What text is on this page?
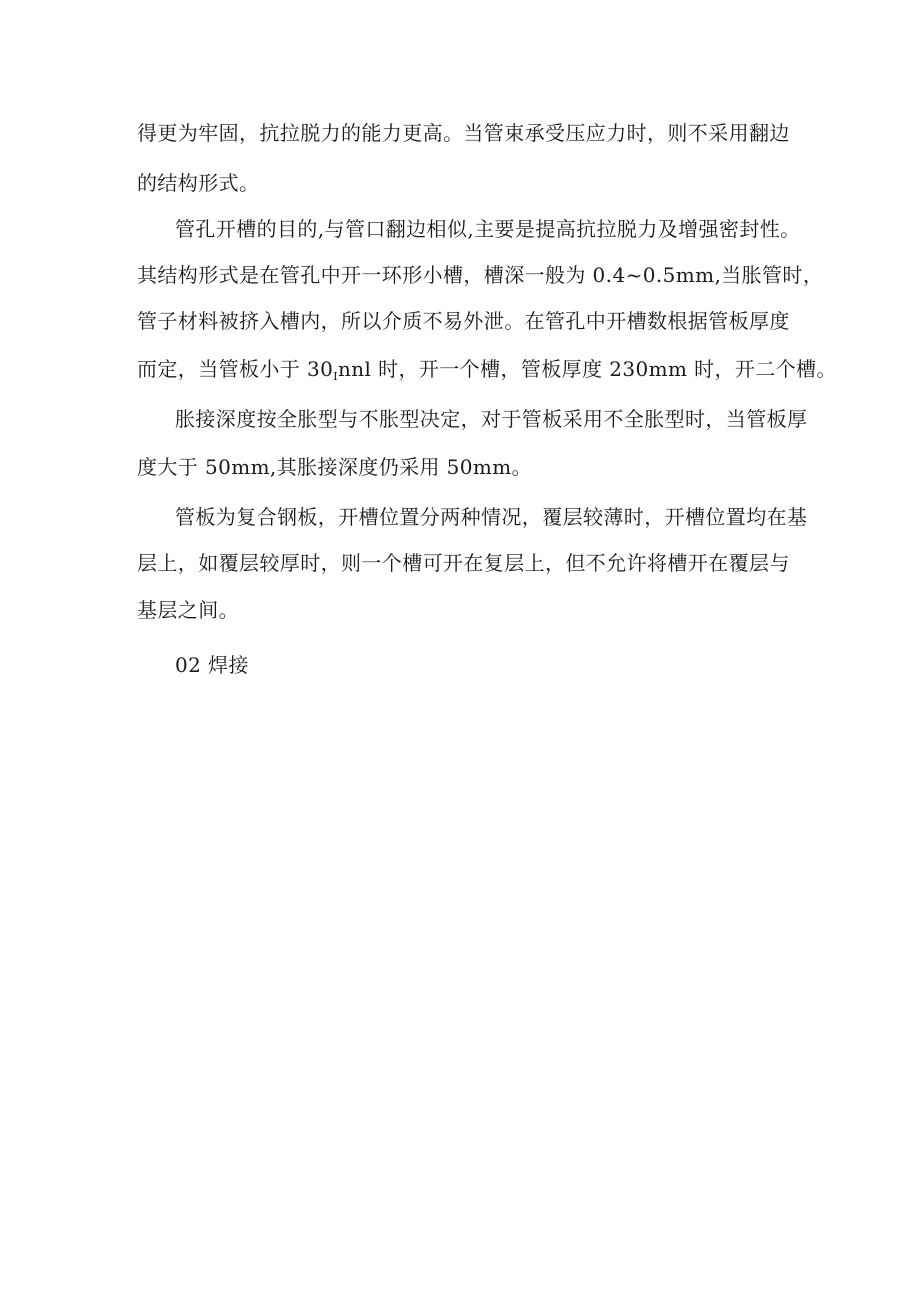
得更为牢固，抗拉脱力的能力更高。当管束承受压应力时，则不采用翻边
的结构形式。
管孔开槽的目的,与管口翻边相似,主要是提高抗拉脱力及增强密封性。
其结构形式是在管孔中开一环形小槽，槽深一般为 0.4~0.5mm,当胀管时，
管子材料被挤入槽内，所以介质不易外泄。在管孔中开槽数根据管板厚度
而定，当管板小于 $30_Innl$ 时，开一个槽，管板厚度 230mm 时，开二个槽。
胀接深度按全胀型与不胀型决定，对于管板采用不全胀型时，当管板厚
度大于 50mm,其胀接深度仍采用 50mm。
管板为复合钢板，开槽位置分两种情况，覆层较薄时，开槽位置均在基
层上，如覆层较厚时，则一个槽可开在复层上，但不允许将槽开在覆层与
基层之间。
02 焊接
